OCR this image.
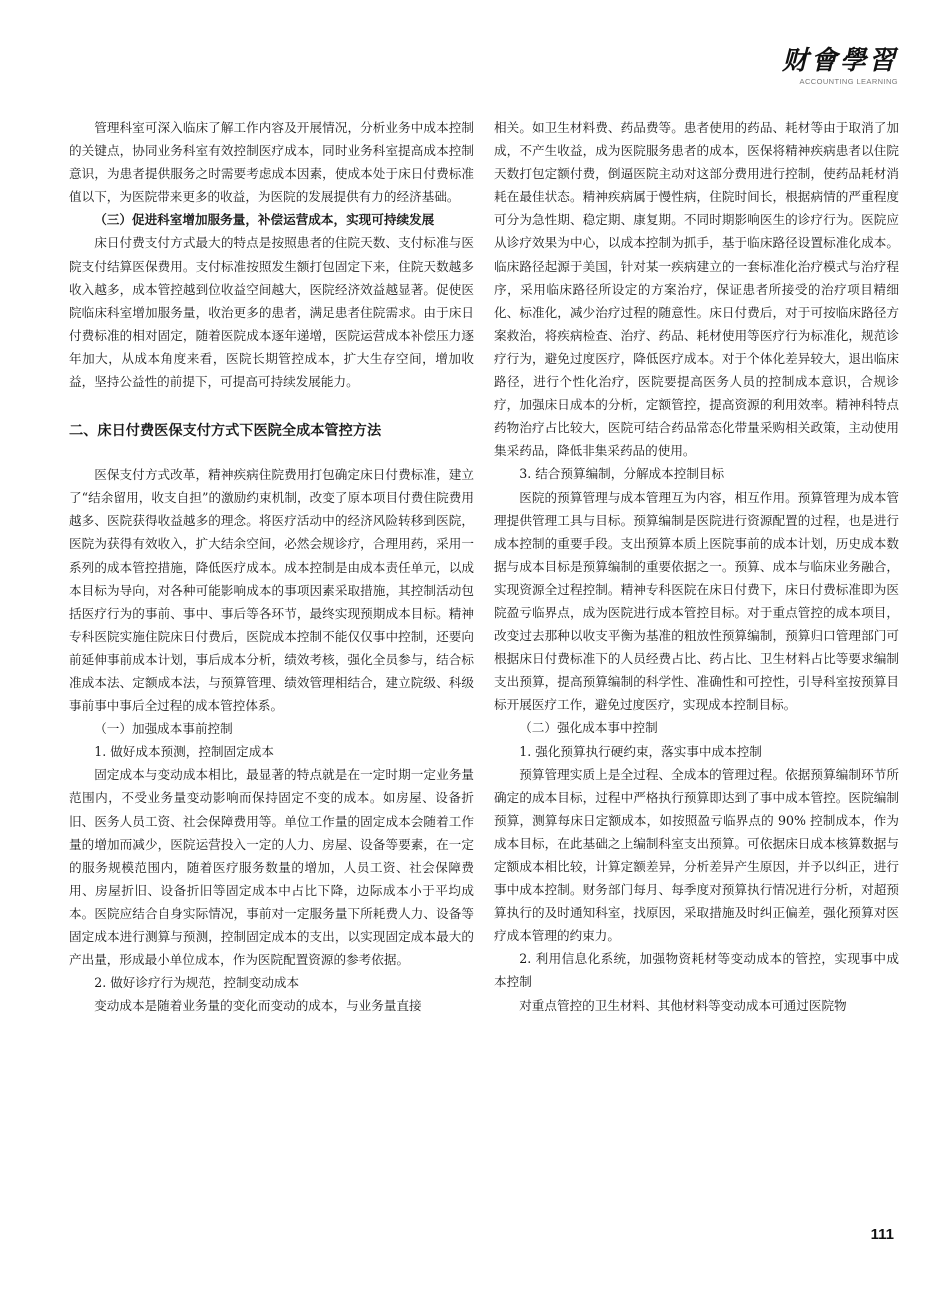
财會學習
ACCOUNTING LEARNING

管理科室可深入临床了解工作内容及开展情况，分析业务中成本控制的关键点，协同业务科室有效控制医疗成本，同时业务科室提高成本控制意识，为患者提供服务之时需要考虑成本因素，使成本处于床日付费标准值以下，为医院带来更多的收益，为医院的发展提供有力的经济基础。

（三）促进科室增加服务量，补偿运营成本，实现可持续发展

床日付费支付方式最大的特点是按照患者的住院天数、支付标准与医院支付结算医保费用。支付标准按照发生额打包固定下来，住院天数越多收入越多，成本管控越到位收益空间越大，医院经济效益越显著。促使医院临床科室增加服务量，收治更多的患者，满足患者住院需求。由于床日付费标准的相对固定，随着医院成本逐年递增，医院运营成本补偿压力逐年加大，从成本角度来看，医院长期管控成本，扩大生存空间，增加收益，坚持公益性的前提下，可提高可持续发展能力。

二、床日付费医保支付方式下医院全成本管控方法

医保支付方式改革，精神疾病住院费用打包确定床日付费标准，建立了“结余留用，收支自担”的激励约束机制，改变了原本项目付费住院费用越多、医院获得收益越多的理念。将医疗活动中的经济风险转移到医院，医院为获得有效收入，扩大结余空间，必然会规诊疗，合理用药，采用一系列的成本管控措施，降低医疗成本。成本控制是由成本责任单元，以成本目标为导向，对各种可能影响成本的事项因素采取措施，其控制活动包括医疗行为的事前、事中、事后等各环节，最终实现预期成本目标。精神专科医院实施住院床日付费后，医院成本控制不能仅仅事中控制，还要向前延伸事前成本计划，事后成本分析，绩效考核，强化全员参与，结合标准成本法、定额成本法，与预算管理、绩效管理相结合，建立院级、科级事前事中事后全过程的成本管控体系。

（一）加强成本事前控制

1. 做好成本预测，控制固定成本

固定成本与变动成本相比，最显著的特点就是在一定时期一定业务量范围内，不受业务量变动影响而保持固定不变的成本。如房屋、设备折旧、医务人员工资、社会保障费用等。单位工作量的固定成本会随着工作量的增加而减少，医院运营投入一定的人力、房屋、设备等要素，在一定的服务规模范围内，随着医疗服务数量的增加，人员工资、社会保障费用、房屋折旧、设备折旧等固定成本中占比下降，边际成本小于平均成本。医院应结合自身实际情况，事前对一定服务量下所耗费人力、设备等固定成本进行测算与预测，控制固定成本的支出，以实现固定成本最大的产出量，形成最小单位成本，作为医院配置资源的参考依据。

2. 做好诊疗行为规范，控制变动成本

变动成本是随着业务量的变化而变动的成本，与业务量直接

相关。如卫生材料费、药品费等。患者使用的药品、耗材等由于取消了加成，不产生收益，成为医院服务患者的成本，医保将精神疾病患者以住院天数打包定额付费，倒逼医院主动对这部分费用进行控制，使药品耗材消耗在最佳状态。精神疾病属于慢性病，住院时间长，根据病情的严重程度可分为急性期、稳定期、康复期。不同时期影响医生的诊疗行为。医院应从诊疗效果为中心，以成本控制为抓手，基于临床路径设置标准化成本。临床路径起源于美国，针对某一疾病建立的一套标准化治疗模式与治疗程序，采用临床路径所设定的方案治疗，保证患者所接受的治疗项目精细化、标准化，减少治疗过程的随意性。床日付费后，对于可按临床路径方案救治，将疾病检查、治疗、药品、耗材使用等医疗行为标准化，规范诊疗行为，避免过度医疗，降低医疗成本。对于个体化差异较大，退出临床路径，进行个性化治疗，医院要提高医务人员的控制成本意识，合规诊疗，加强床日成本的分析，定额管控，提高资源的利用效率。精神科特点药物治疗占比较大，医院可结合药品常态化带量采购相关政策，主动使用集采药品，降低非集采药品的使用。

3. 结合预算编制，分解成本控制目标

医院的预算管理与成本管理互为内容，相互作用。预算管理为成本管理提供管理工具与目标。预算编制是医院进行资源配置的过程，也是进行成本控制的重要手段。支出预算本质上医院事前的成本计划，历史成本数据与成本目标是预算编制的重要依据之一。预算、成本与临床业务融合，实现资源全过程控制。精神专科医院在床日付费下，床日付费标准即为医院盈亏临界点，成为医院进行成本管控目标。对于重点管控的成本项目，改变过去那种以收支平衡为基准的粗放性预算编制，预算归口管理部门可根据床日付费标准下的人员经费占比、药占比、卫生材料占比等要求编制支出预算，提高预算编制的科学性、准确性和可控性，引导科室按预算目标开展医疗工作，避免过度医疗，实现成本控制目标。

（二）强化成本事中控制

1. 强化预算执行硬约束，落实事中成本控制

预算管理实质上是全过程、全成本的管理过程。依据预算编制环节所确定的成本目标，过程中严格执行预算即达到了事中成本管控。医院编制预算，测算每床日定额成本，如按照盈亏临界点的 90% 控制成本，作为成本目标，在此基础之上编制科室支出预算。可依据床日成本核算数据与定额成本相比较，计算定额差异，分析差异产生原因，并予以纠正，进行事中成本控制。财务部门每月、每季度对预算执行情况进行分析，对超预算执行的及时通知科室，找原因，采取措施及时纠正偏差，强化预算对医疗成本管理的约束力。

2. 利用信息化系统，加强物资耗材等变动成本的管控，实现事中成本控制

对重点管控的卫生材料、其他材料等变动成本可通过医院物

111
